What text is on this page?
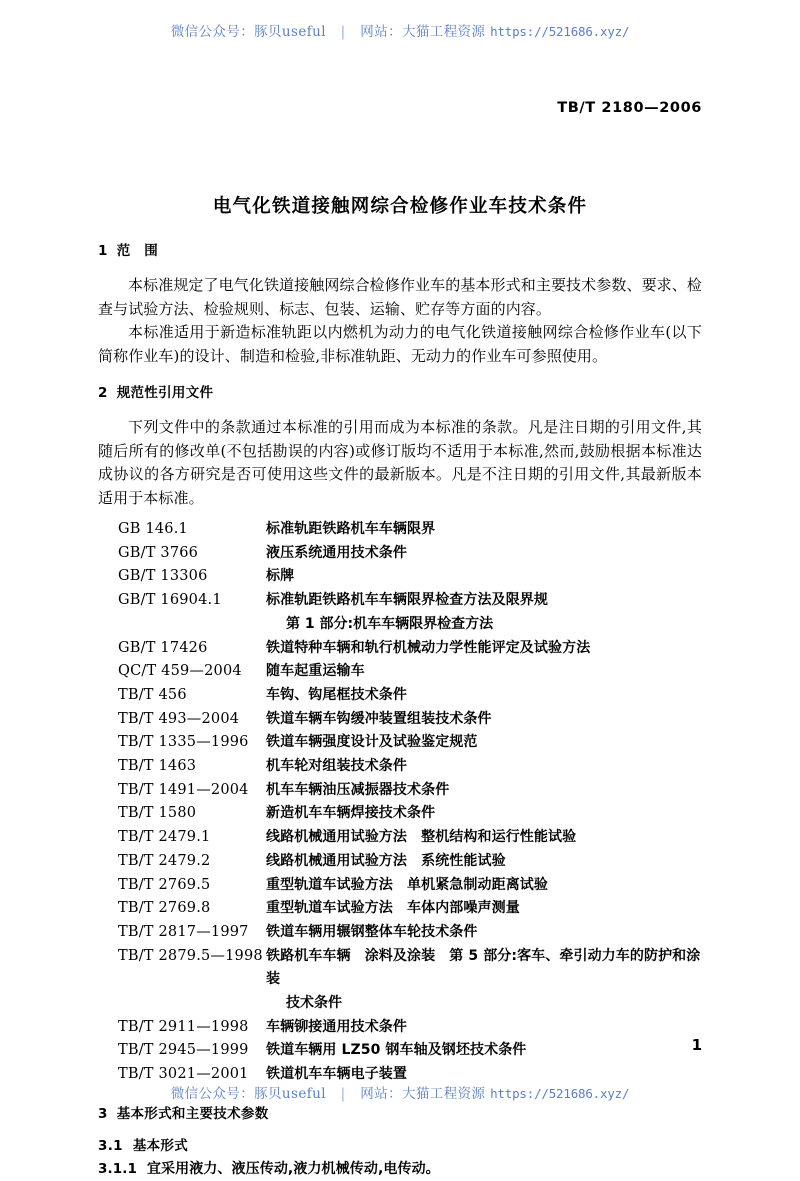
微信公众号：豚贝useful | 网站：大猫工程资源 https://521686.xyz/
TB/T 2180—2006
电气化铁道接触网综合检修作业车技术条件
1 范围

本标准规定了电气化铁道接触网综合检修作业车的基本形式和主要技术参数、要求、检查与试验方法、检验规则、标志、包装、运输、贮存等方面的内容。

本标准适用于新造标准轨距以内燃机为动力的电气化铁道接触网综合检修作业车(以下简称作业车)的设计、制造和检验,非标准轨距、无动力的作业车可参照使用。

2 规范性引用文件

下列文件中的条款通过本标准的引用而成为本标准的条款。凡是注日期的引用文件,其随后所有的修改单(不包括勘误的内容)或修订版均不适用于本标准,然而,鼓励根据本标准达成协议的各方研究是否可使用这些文件的最新版本。凡是不注日期的引用文件,其最新版本适用于本标准。

GB 146.1	标准轨距铁路机车车辆限界
GB/T 3766	液压系统通用技术条件
GB/T 13306	标牌
GB/T 16904.1	标准轨距铁路机车车辆限界检查方法及限界规
第 1 部分:机车车辆限界检查方法
GB/T 17426	铁道特种车辆和轨行机械动力学性能评定及试验方法
QC/T 459—2004	随车起重运输车
TB/T 456	车钩、钩尾框技术条件
TB/T 493—2004	铁道车辆车钩缓冲装置组装技术条件
TB/T 1335—1996	铁道车辆强度设计及试验鉴定规范
TB/T 1463	机车轮对组装技术条件
TB/T 1491—2004	机车车辆油压减振器技术条件
TB/T 1580	新造机车车辆焊接技术条件
TB/T 2479.1	线路机械通用试验方法　整机结构和运行性能试验
TB/T 2479.2	线路机械通用试验方法　系统性能试验
TB/T 2769.5	重型轨道车试验方法　单机紧急制动距离试验
TB/T 2769.8	重型轨道车试验方法　车体内部噪声测量
TB/T 2817—1997	铁道车辆用辗钢整体车轮技术条件
TB/T 2879.5—1998 铁路机车车辆　涂料及涂装　第 5 部分:客车、牵引动力车的防护和涂装
技术条件
TB/T 2911—1998	车辆铆接通用技术条件
TB/T 2945—1999	铁道车辆用 LZ50 钢车轴及钢坯技术条件
TB/T 3021—2001	铁道机车车辆电子装置
3 基本形式和主要技术参数
3.1 基本形式
3.1.1 宜采用液力、液压传动,液力机械传动,电传动。
1
微信公众号：豚贝useful | 网站：大猫工程资源 https://521686.xyz/
